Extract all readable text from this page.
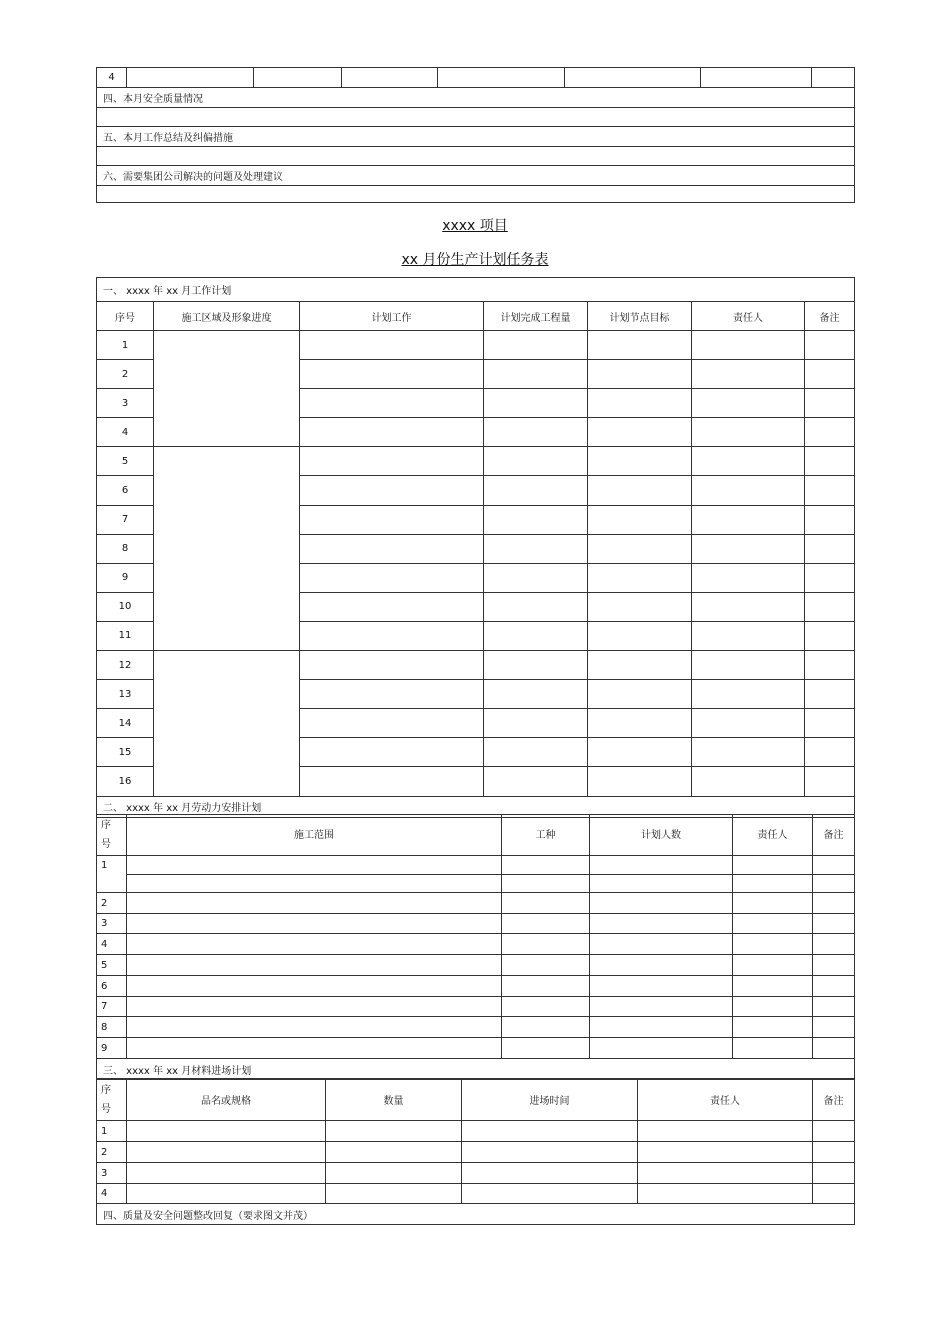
4							
四、本月安全质量情况

五、本月工作总结及纠偏措施

六、需要集团公司解决的问题及处理建议

xxxx 项目
xx 月份生产计划任务表
一、 xxxx 年 xx 月工作计划						
序号	施工区域及形象进度	计划工作	计划完成工程量	计划节点目标	责任人	备注
1						
2						
3						
4						
5						
6						
7						
8						
9						
10						
11						
12						
13						
14						
15						
16						
二、 xxxx 年 xx 月劳动力安排计划						

序
号	施工范围	工种	计划人数	责任人	备注
1					

2					
3					
4					
5					
6					
7					
8					
9					
三、 xxxx 年 xx 月材料进场计划					
序
号	品名或规格	数量	进场时间	责任人	备注
1					
2					
3					
4					
四、质量及安全问题整改回复（要求图文并茂）					
